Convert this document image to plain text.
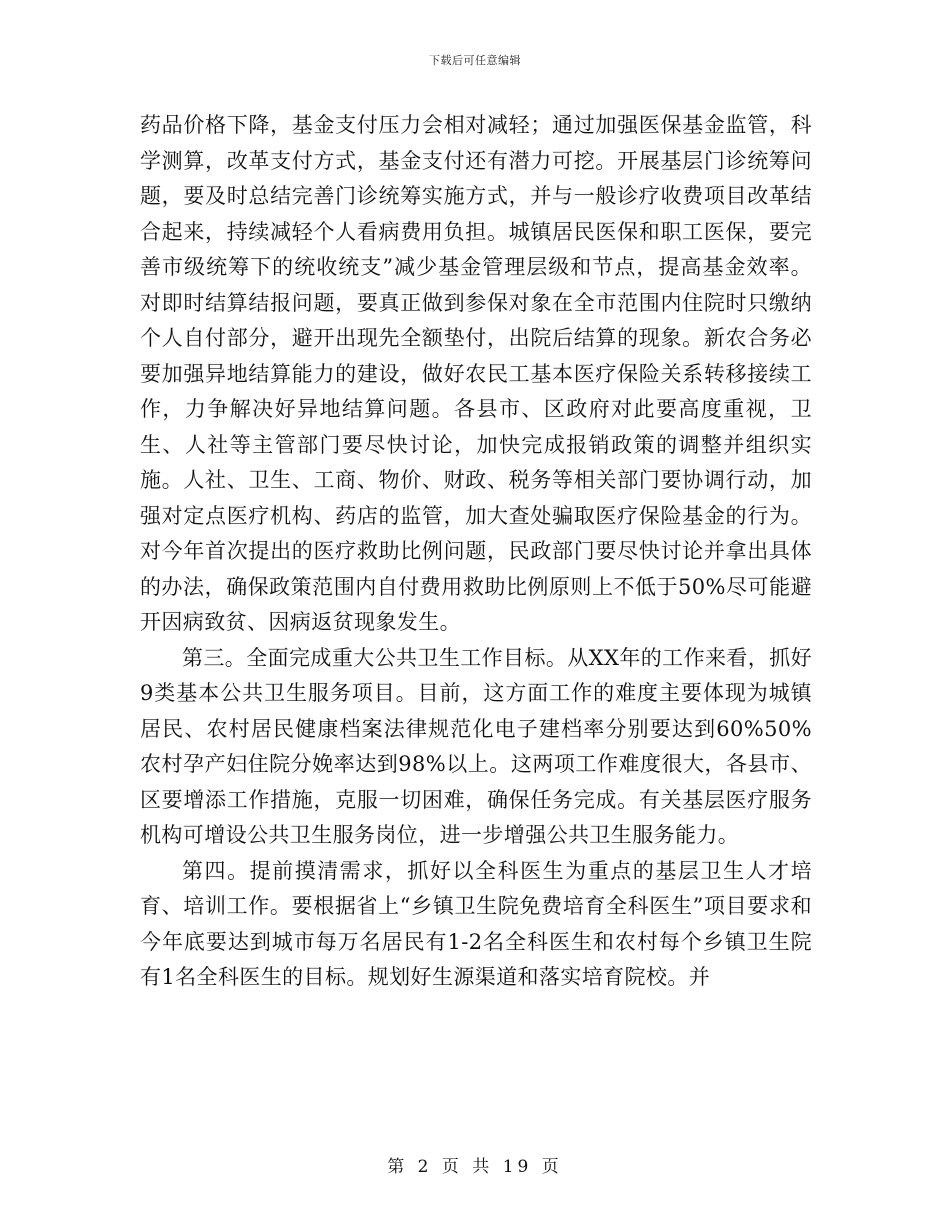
下载后可任意编辑

药品价格下降，基金支付压力会相对减轻；通过加强医保基金监管，科学测算，改革支付方式，基金支付还有潜力可挖。开展基层门诊统筹问题，要及时总结完善门诊统筹实施方式，并与一般诊疗收费项目改革结合起来，持续减轻个人看病费用负担。城镇居民医保和职工医保，要完善市级统筹下的统收统支”减少基金管理层级和节点，提高基金效率。对即时结算结报问题，要真正做到参保对象在全市范围内住院时只缴纳个人自付部分，避开出现先全额垫付，出院后结算的现象。新农合务必要加强异地结算能力的建设，做好农民工基本医疗保险关系转移接续工作，力争解决好异地结算问题。各县市、区政府对此要高度重视，卫生、人社等主管部门要尽快讨论，加快完成报销政策的调整并组织实施。人社、卫生、工商、物价、财政、税务等相关部门要协调行动，加强对定点医疗机构、药店的监管，加大查处骗取医疗保险基金的行为。对今年首次提出的医疗救助比例问题，民政部门要尽快讨论并拿出具体的办法，确保政策范围内自付费用救助比例原则上不低于50%尽可能避开因病致贫、因病返贫现象发生。

第三。全面完成重大公共卫生工作目标。从XX年的工作来看，抓好9类基本公共卫生服务项目。目前，这方面工作的难度主要体现为城镇居民、农村居民健康档案法律规范化电子建档率分别要达到60%50%农村孕产妇住院分娩率达到98%以上。这两项工作难度很大，各县市、区要增添工作措施，克服一切困难，确保任务完成。有关基层医疗服务机构可增设公共卫生服务岗位，进一步增强公共卫生服务能力。

第四。提前摸清需求，抓好以全科医生为重点的基层卫生人才培育、培训工作。要根据省上“乡镇卫生院免费培育全科医生”项目要求和今年底要达到城市每万名居民有1-2名全科医生和农村每个乡镇卫生院有1名全科医生的目标。规划好生源渠道和落实培育院校。并

第 2 页 共 19 页
